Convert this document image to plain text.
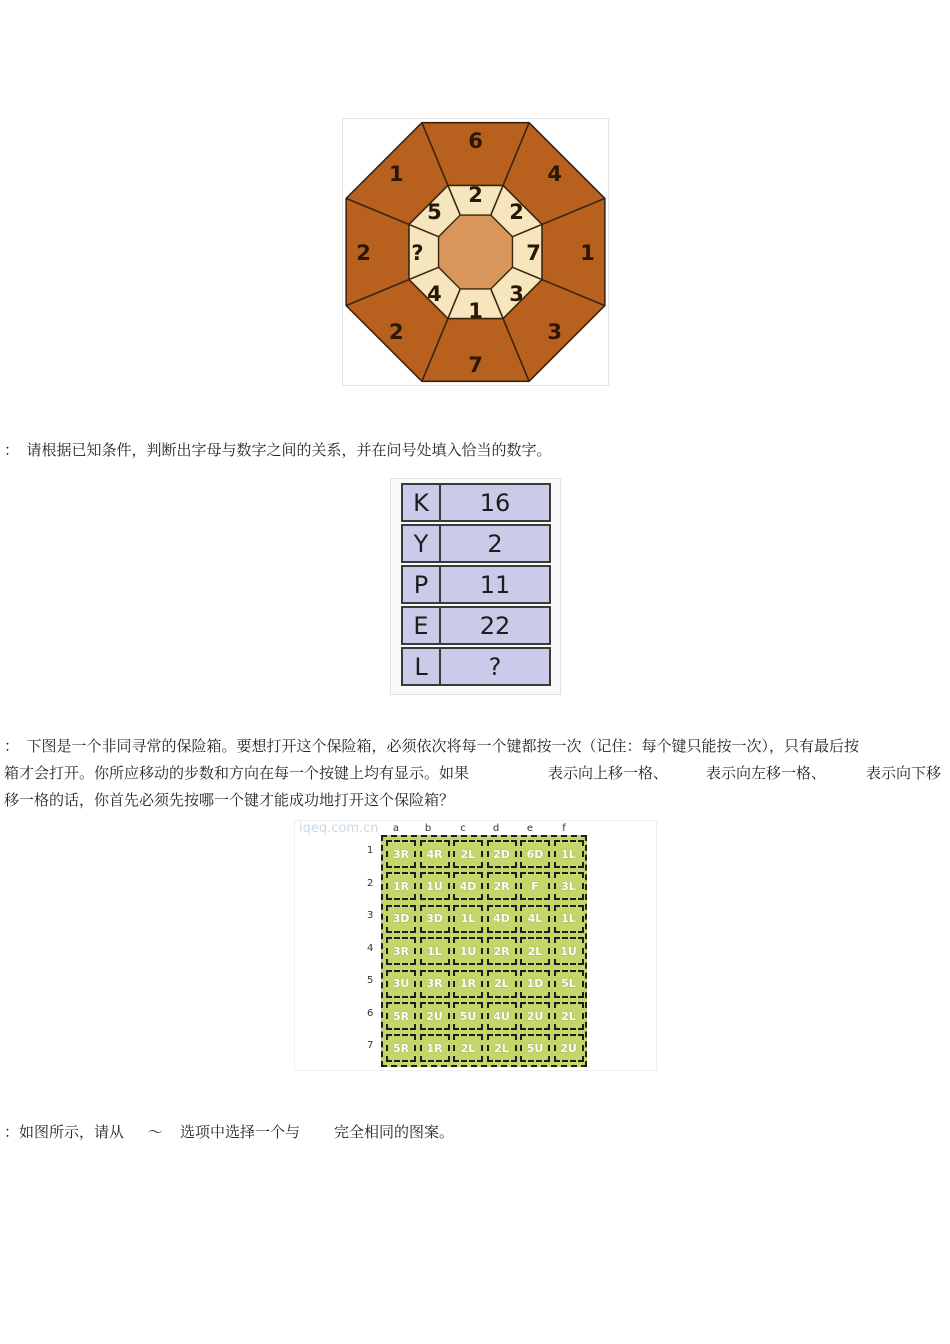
6
4
1
3
7
2
2
1
2
2
7
3
1
4
?
5
：　请根据已知条件，判断出字母与数字之间的关系，并在问号处填入恰当的数字。
K	16
Y	2
P	11
E	22
L	?
：　下图是一个非同寻常的保险箱。要想打开这个保险箱，必须依次将每一个键都按一次（记住：每个键只能按一次），只有最后按
箱才会打开。你所应移动的步数和方向在每一个按键上均有显示。如果	表示向上移一格、	表示向左移一格、	表示向下移
移一格的话，你首先必须先按哪一个键才能成功地打开这个保险箱？
iqeq.com.cn
3R	4R	2L	2D	6D	1L
1R	1U	4D	2R	F	3L
3D	3D	1L	4D	4L	1L
3R	1L	1U	2R	2L	1U
3U	3R	1R	2L	1D	5L
5R	2U	5U	4U	2U	2L
5R	1R	2L	2L	5U	2U
a	b	c	d	e	f
1
2
3
4
5
6
7
：如图所示，请从 ～ 选项中选择一个与 完全相同的图案。
